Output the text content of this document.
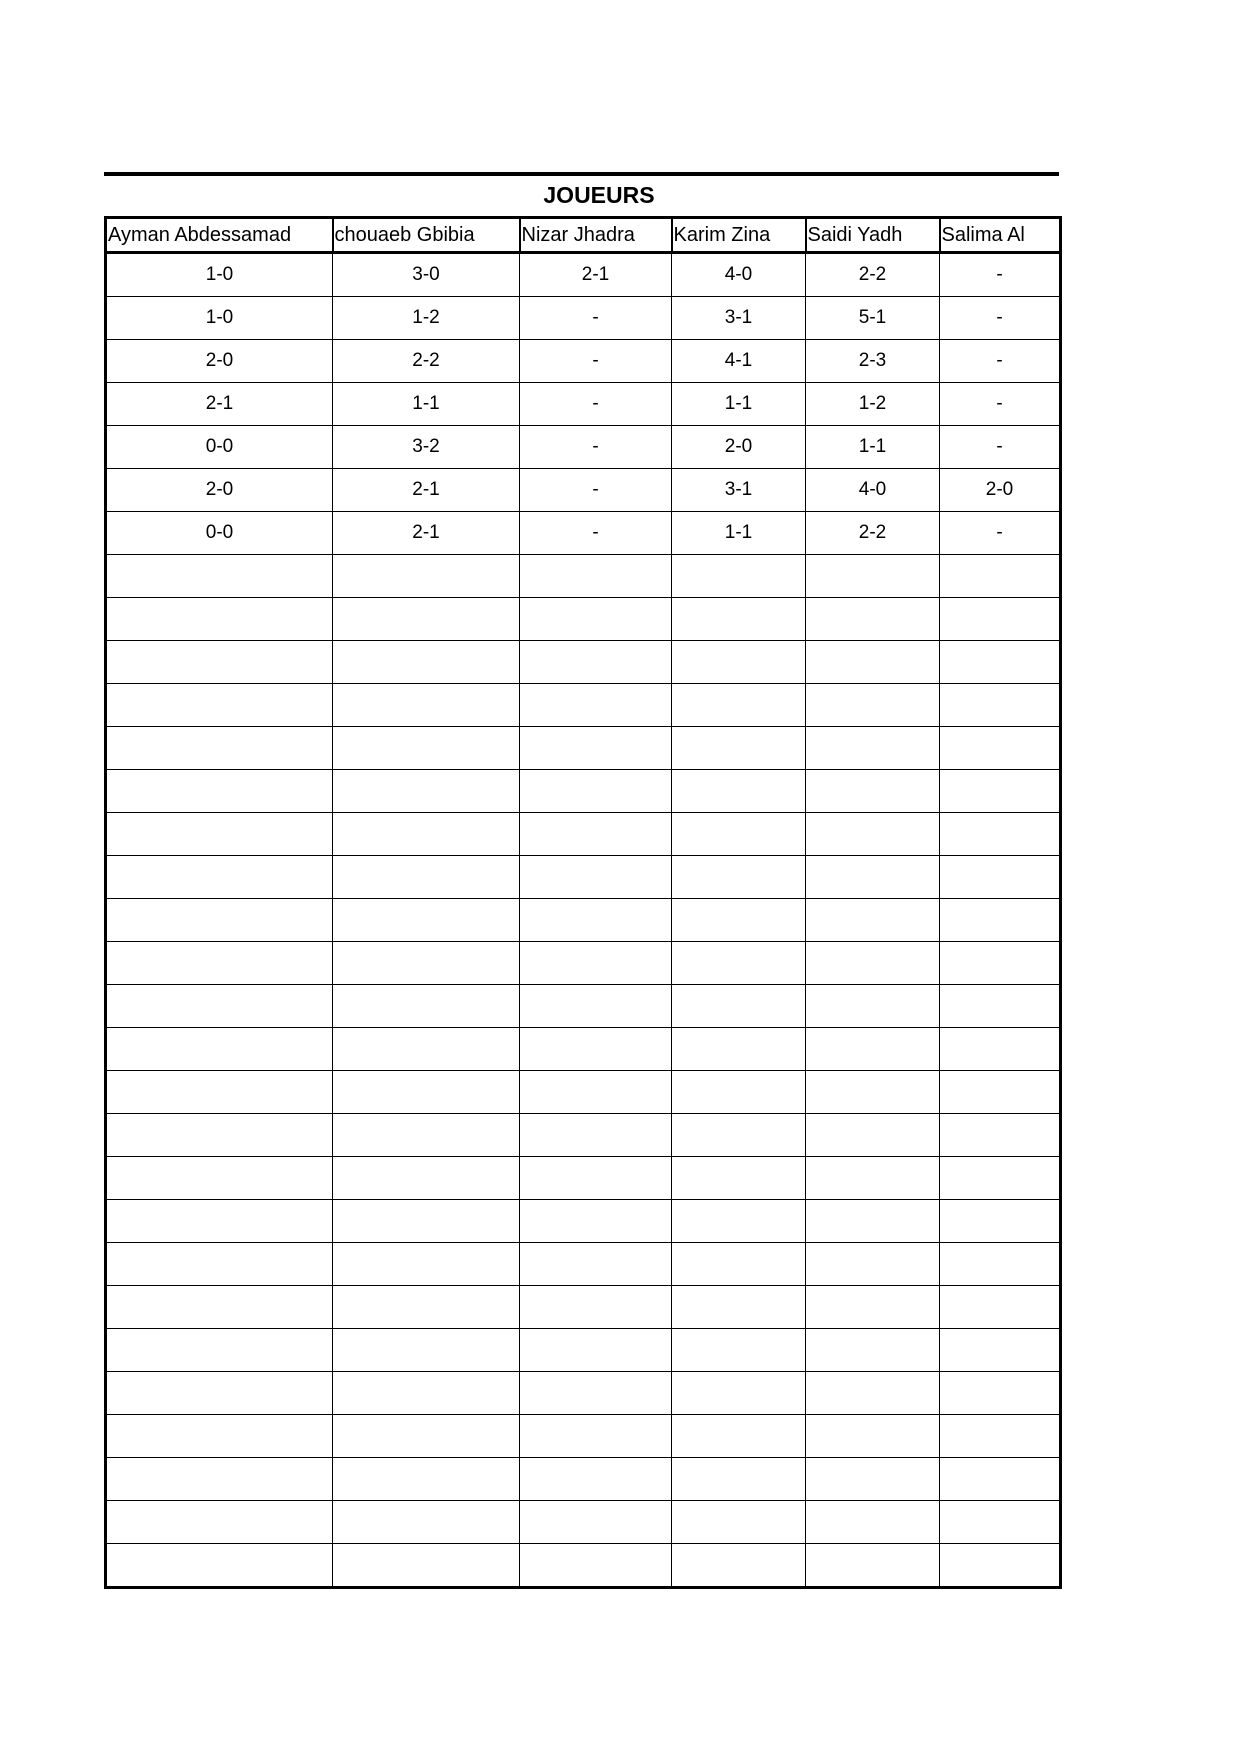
JOUEURS
Ayman Abdessamad	chouaeb Gbibia	Nizar Jhadra	Karim Zina	Saidi Yadh	Salima Al
1-0	3-0	2-1	4-0	2-2	-
1-0	1-2	-	3-1	5-1	-
2-0	2-2	-	4-1	2-3	-
2-1	1-1	-	1-1	1-2	-
0-0	3-2	-	2-0	1-1	-
2-0	2-1	-	3-1	4-0	2-0
0-0	2-1	-	1-1	2-2	-
